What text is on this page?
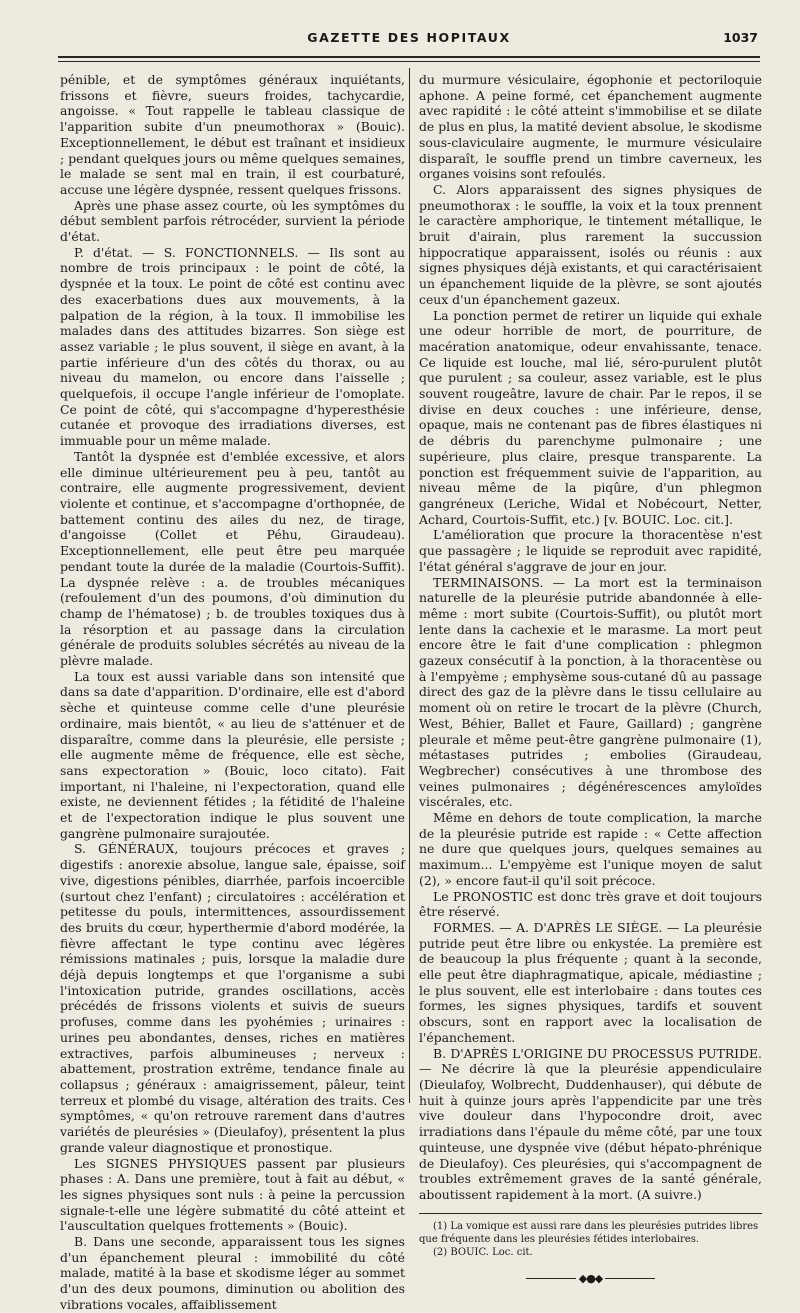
GAZETTE DES HOPITAUX	1037

pénible, et de symptômes généraux inquiétants, frissons et fièvre, sueurs froides, tachycardie, angoisse. « Tout rappelle le tableau classique de l'apparition subite d'un pneumothorax » (Bouic). Exceptionnellement, le début est traînant et insidieux ; pendant quelques jours ou même quelques semaines, le malade se sent mal en train, il est courbaturé, accuse une légère dyspnée, ressent quelques frissons.

Après une phase assez courte, où les symptômes du début semblent parfois rétrocéder, survient la période d'état.

P. d'état. — S. FONCTIONNELS. — Ils sont au nombre de trois principaux : le point de côté, la dyspnée et la toux. Le point de côté est continu avec des exacerbations dues aux mouvements, à la palpation de la région, à la toux. Il immobilise les malades dans des attitudes bizarres. Son siège est assez variable ; le plus souvent, il siège en avant, à la partie inférieure d'un des côtés du thorax, ou au niveau du mamelon, ou encore dans l'aisselle ; quelquefois, il occupe l'angle inférieur de l'omoplate. Ce point de côté, qui s'accompagne d'hyperesthésie cutanée et provoque des irradiations diverses, est immuable pour un même malade.

Tantôt la dyspnée est d'emblée excessive, et alors elle diminue ultérieurement peu à peu, tantôt au contraire, elle augmente progressivement, devient violente et continue, et s'accompagne d'orthopnée, de battement continu des ailes du nez, de tirage, d'angoisse (Collet et Péhu, Giraudeau). Exceptionnellement, elle peut être peu marquée pendant toute la durée de la maladie (Courtois-Suffit). La dyspnée relève : a. de troubles mécaniques (refoulement d'un des poumons, d'où diminution du champ de l'hématose) ; b. de troubles toxiques dus à la résorption et au passage dans la circulation générale de produits solubles sécrétés au niveau de la plèvre malade.

La toux est aussi variable dans son intensité que dans sa date d'apparition. D'ordinaire, elle est d'abord sèche et quinteuse comme celle d'une pleurésie ordinaire, mais bientôt, « au lieu de s'atténuer et de disparaître, comme dans la pleurésie, elle persiste ; elle augmente même de fréquence, elle est sèche, sans expectoration » (Bouic, loco citato). Fait important, ni l'haleine, ni l'expectoration, quand elle existe, ne deviennent fétides ; la fétidité de l'haleine et de l'expectoration indique le plus souvent une gangrène pulmonaire surajoutée.

S. GÉNÉRAUX, toujours précoces et graves ; digestifs : anorexie absolue, langue sale, épaisse, soif vive, digestions pénibles, diarrhée, parfois incoercible (surtout chez l'enfant) ; circulatoires : accélération et petitesse du pouls, intermittences, assourdissement des bruits du cœur, hyperthermie d'abord modérée, la fièvre affectant le type continu avec légères rémissions matinales ; puis, lorsque la maladie dure déjà depuis longtemps et que l'organisme a subi l'intoxication putride, grandes oscillations, accès précédés de frissons violents et suivis de sueurs profuses, comme dans les pyohémies ; urinaires : urines peu abondantes, denses, riches en matières extractives, parfois albumineuses ; nerveux : abattement, prostration extrême, tendance finale au collapsus ; généraux : amaigrissement, pâleur, teint terreux et plombé du visage, altération des traits. Ces symptômes, « qu'on retrouve rarement dans d'autres variétés de pleurésies » (Dieulafoy), présentent la plus grande valeur diagnostique et pronostique.

Les SIGNES PHYSIQUES passent par plusieurs phases : A. Dans une première, tout à fait au début, « les signes physiques sont nuls : à peine la percussion signale-t-elle une légère submatité du côté atteint et l'auscultation quelques frottements » (Bouic).

B. Dans une seconde, apparaissent tous les signes d'un épanchement pleural : immobilité du côté malade, matité à la base et skodisme léger au sommet d'un des deux poumons, diminution ou abolition des vibrations vocales, affaiblissement

du murmure vésiculaire, égophonie et pectoriloquie aphone. A peine formé, cet épanchement augmente avec rapidité : le côté atteint s'immobilise et se dilate de plus en plus, la matité devient absolue, le skodisme sous-claviculaire augmente, le murmure vésiculaire disparaît, le souffle prend un timbre caverneux, les organes voisins sont refoulés.

C. Alors apparaissent des signes physiques de pneumothorax : le souffle, la voix et la toux prennent le caractère amphorique, le tintement métallique, le bruit d'airain, plus rarement la succussion hippocratique apparaissent, isolés ou réunis : aux signes physiques déjà existants, et qui caractérisaient un épanchement liquide de la plèvre, se sont ajoutés ceux d'un épanchement gazeux.

La ponction permet de retirer un liquide qui exhale une odeur horrible de mort, de pourriture, de macération anatomique, odeur envahissante, tenace. Ce liquide est louche, mal lié, séro-purulent plutôt que purulent ; sa couleur, assez variable, est le plus souvent rougeâtre, lavure de chair. Par le repos, il se divise en deux couches : une inférieure, dense, opaque, mais ne contenant pas de fibres élastiques ni de débris du parenchyme pulmonaire ; une supérieure, plus claire, presque transparente. La ponction est fréquemment suivie de l'apparition, au niveau même de la piqûre, d'un phlegmon gangréneux (Leriche, Widal et Nobécourt, Netter, Achard, Courtois-Suffit, etc.) [v. BOUIC. Loc. cit.].

L'amélioration que procure la thoracentèse n'est que passagère ; le liquide se reproduit avec rapidité, l'état général s'aggrave de jour en jour.

TERMINAISONS. — La mort est la terminaison naturelle de la pleurésie putride abandonnée à elle-même : mort subite (Courtois-Suffit), ou plutôt mort lente dans la cachexie et le marasme. La mort peut encore être le fait d'une complication : phlegmon gazeux consécutif à la ponction, à la thoracentèse ou à l'empyème ; emphysème sous-cutané dû au passage direct des gaz de la plèvre dans le tissu cellulaire au moment où on retire le trocart de la plèvre (Church, West, Béhier, Ballet et Faure, Gaillard) ; gangrène pleurale et même peut-être gangrène pulmonaire (1), métastases putrides ; embolies (Giraudeau, Wegbrecher) consécutives à une thrombose des veines pulmonaires ; dégénérescences amyloïdes viscérales, etc.

Même en dehors de toute complication, la marche de la pleurésie putride est rapide : « Cette affection ne dure que quelques jours, quelques semaines au maximum... L'empyème est l'unique moyen de salut (2), » encore faut-il qu'il soit précoce.

Le PRONOSTIC est donc très grave et doit toujours être réservé.

FORMES. — A. D'APRÈS LE SIÈGE. — La pleurésie putride peut être libre ou enkystée. La première est de beaucoup la plus fréquente ; quant à la seconde, elle peut être diaphragmatique, apicale, médiastine ; le plus souvent, elle est interlobaire : dans toutes ces formes, les signes physiques, tardifs et souvent obscurs, sont en rapport avec la localisation de l'épanchement.

B. D'APRÈS L'ORIGINE DU PROCESSUS PUTRIDE. — Ne décrire là que la pleurésie appendiculaire (Dieulafoy, Wolbrecht, Duddenhauser), qui débute de huit à quinze jours après l'appendicite par une très vive douleur dans l'hypocondre droit, avec irradiations dans l'épaule du même côté, par une toux quinteuse, une dyspnée vive (début hépato-phrénique de Dieulafoy). Ces pleurésies, qui s'accompagnent de troubles extrêmement graves de la santé générale, aboutissent rapidement à la mort. (A suivre.)

(1) La vomique est aussi rare dans les pleurésies putrides libres que fréquente dans les pleurésies fétides interlobaires.

(2) BOUIC. Loc. cit.

◆●◆
